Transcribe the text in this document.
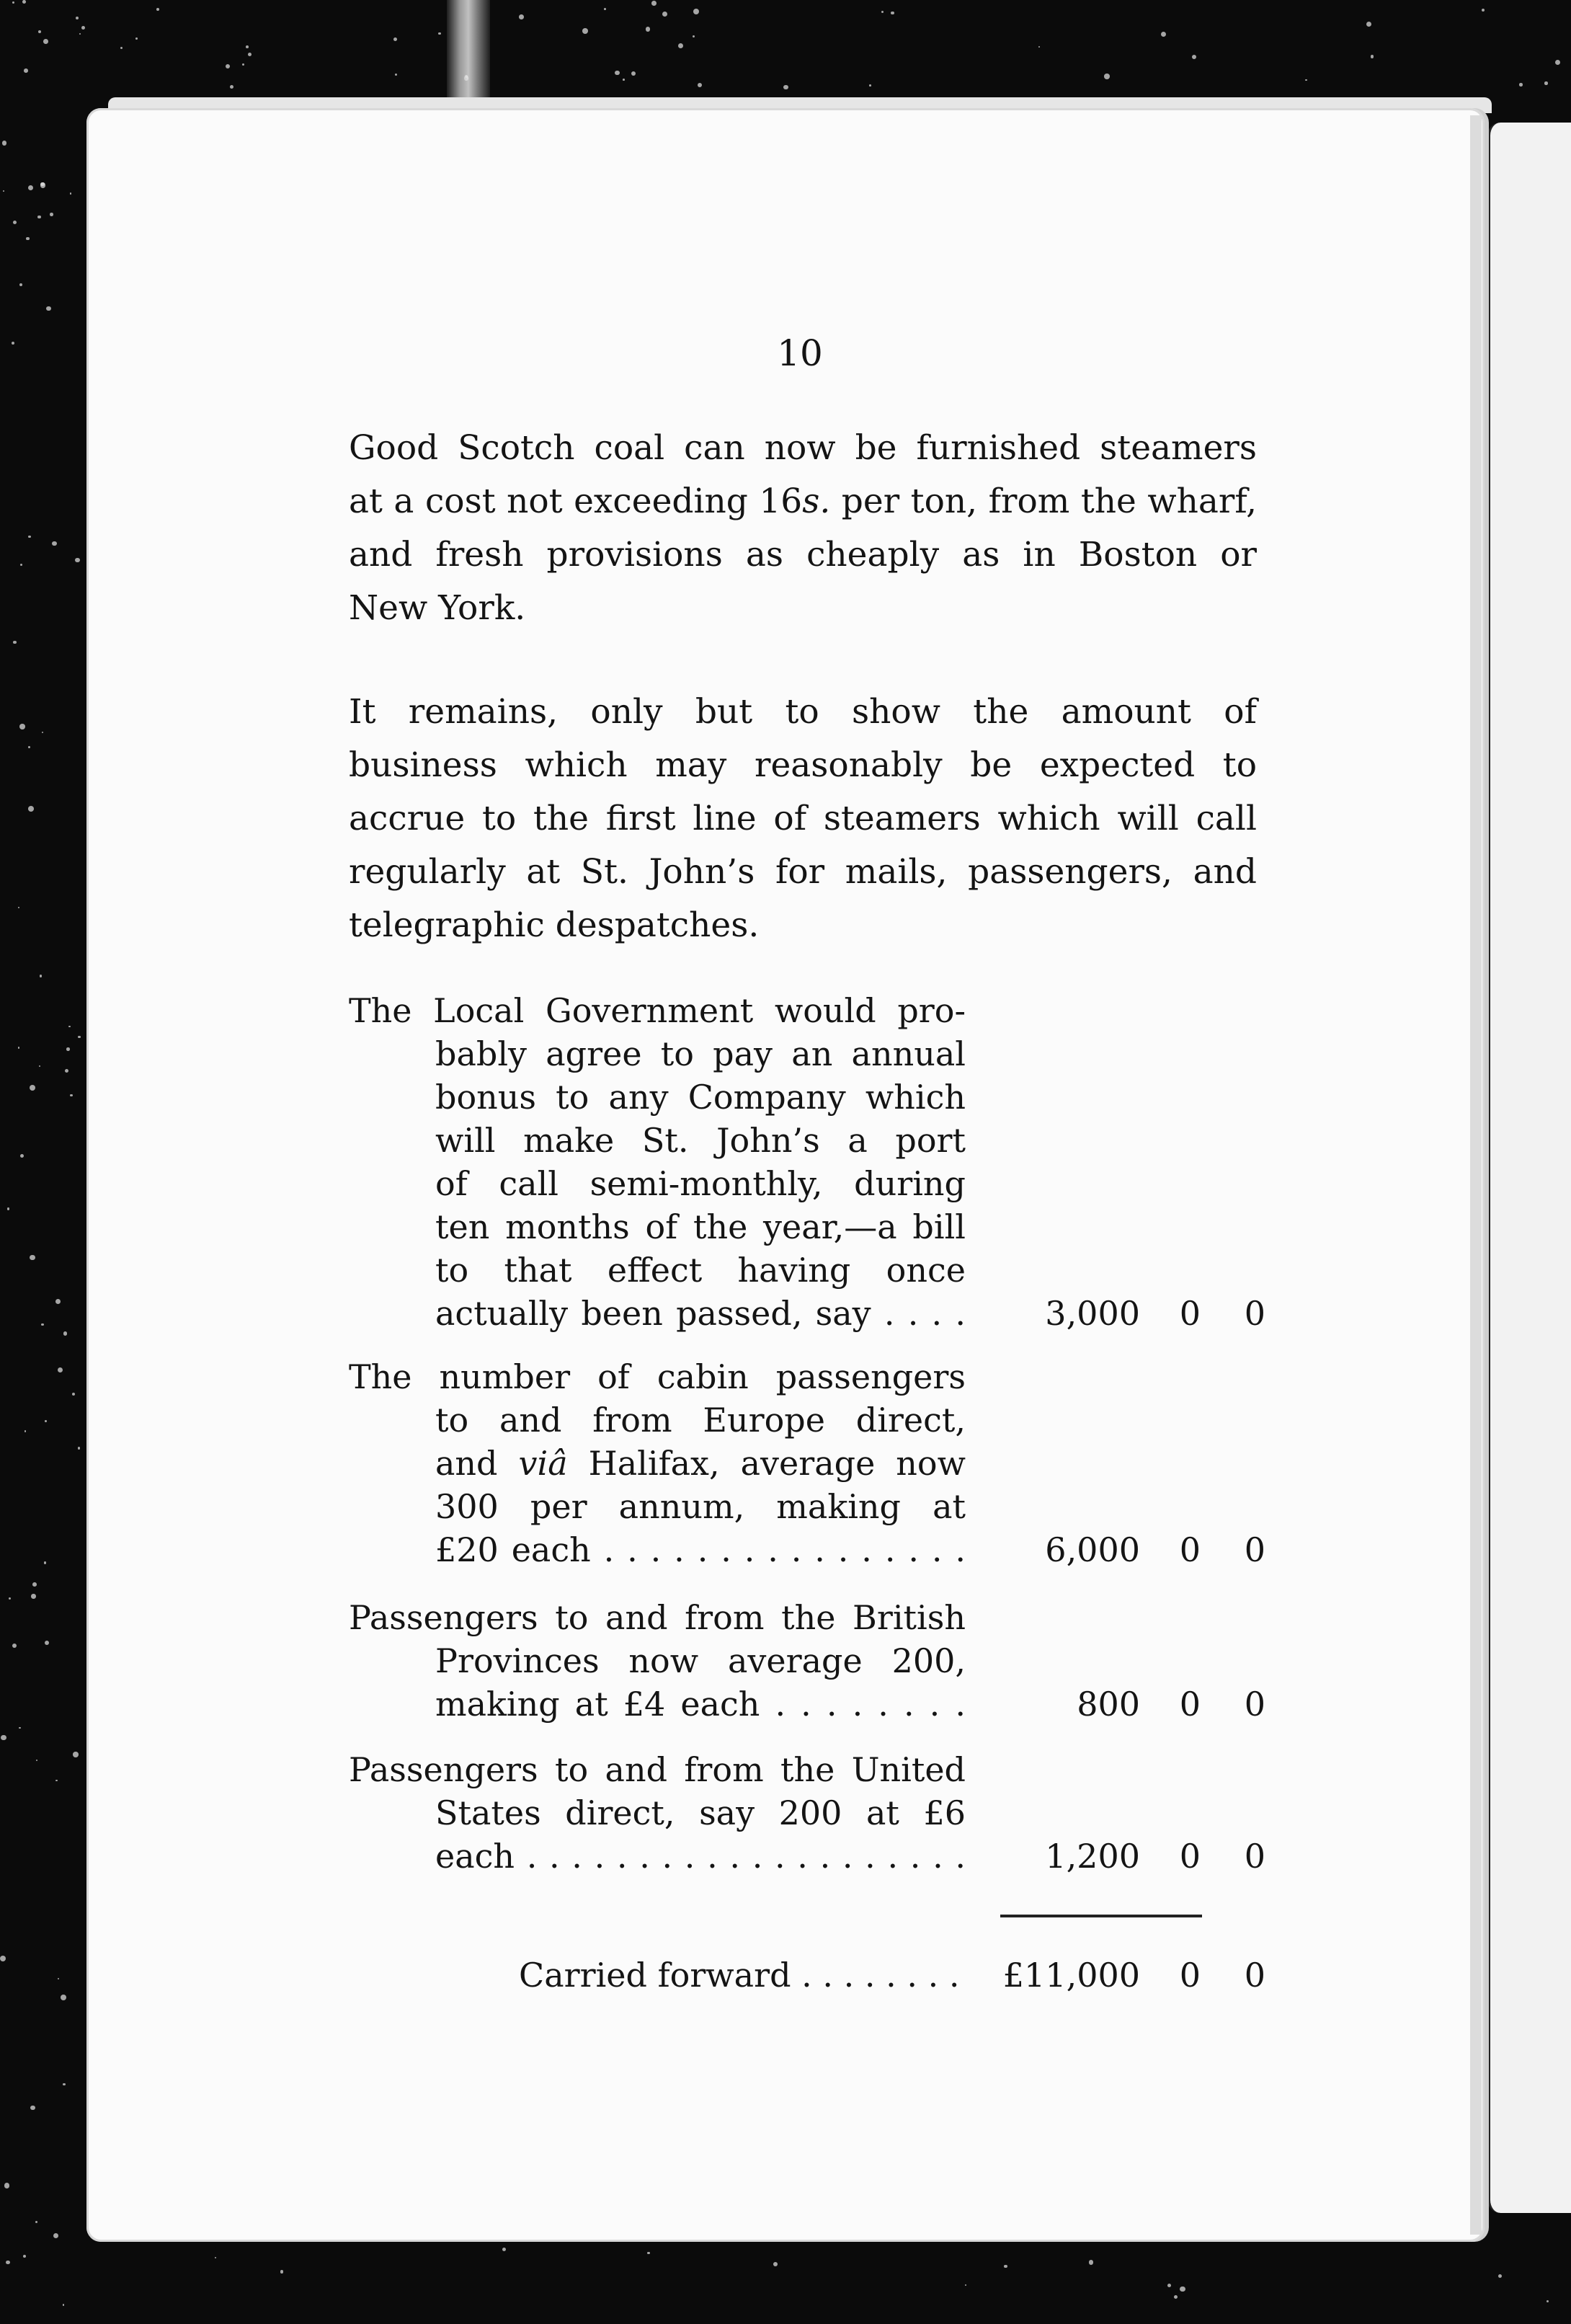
10
Good Scotch coal can now be furnished steamers
at a cost not exceeding 16s. per ton, from the wharf,
and fresh provisions as cheaply as in Boston or
New York.
It remains, only but to show the amount of
business which may reasonably be expected to
accrue to the first line of steamers which will call
regularly at St. John’s for mails, passengers, and
telegraphic despatches.
The Local Government would pro-
bably agree to pay an annual
bonus to any Company which
will make St. John’s a port
of call semi-monthly, during
ten months of the year,—a bill
to that effect having once
actually been passed, say . . . .	3,000 0 0
The number of cabin passengers
to and from Europe direct,
and viâ Halifax, average now
300 per annum, making at
£20 each . . . . . . . . . . . . . . . .	6,000 0 0
Passengers to and from the British
Provinces now average 200,
making at £4 each . . . . . . . .	800 0 0
Passengers to and from the United
States direct, say 200 at £6
each . . . . . . . . . . . . . . . . . . . .	1,200 0 0
Carried forward . . . . . . . .	£11,000 0 0
